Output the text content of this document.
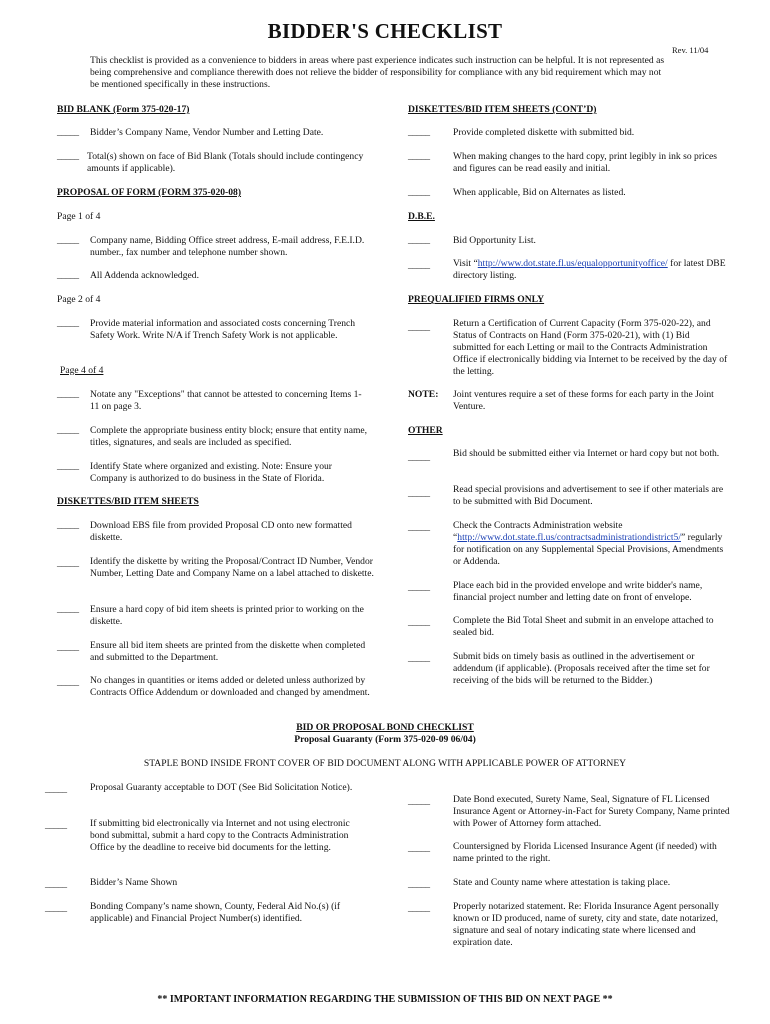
BIDDER'S CHECKLIST
Rev. 11/04
This checklist is provided as a convenience to bidders in areas where past experience indicates such instruction can be helpful. It is not represented as being comprehensive and compliance therewith does not relieve the bidder of responsibility for compliance with any bid requirement which may not be mentioned specifically in these instructions.
BID BLANK (Form 375-020-17)
_____ Bidder’s Company Name, Vendor Number and Letting Date.
_____ Total(s) shown on face of Bid Blank (Totals should include contingency amounts if applicable).
PROPOSAL OF FORM (FORM 375-020-08)
Page 1 of 4
_____ Company name, Bidding Office street address, E-mail address, F.E.I.D. number., fax number and telephone number shown.
_____ All Addenda acknowledged.
Page 2 of 4
_____ Provide material information and associated costs concerning Trench Safety Work. Write N/A if Trench Safety Work is not applicable.
Page 4 of 4
_____ Notate any "Exceptions" that cannot be attested to concerning Items 1-11 on page 3.
_____ Complete the appropriate business entity block; ensure that entity name, titles, signatures, and seals are included as specified.
_____ Identify State where organized and existing. Note: Ensure your Company is authorized to do business in the State of Florida.
DISKETTES/BID ITEM SHEETS
_____ Download EBS file from provided Proposal CD onto new formatted diskette.
_____ Identify the diskette by writing the Proposal/Contract ID Number, Vendor Number, Letting Date and Company Name on a label attached to diskette.
_____ Ensure a hard copy of bid item sheets is printed prior to working on the diskette.
_____ Ensure all bid item sheets are printed from the diskette when completed and submitted to the Department.
_____ No changes in quantities or items added or deleted unless authorized by Contracts Office Addendum or downloaded and changed by amendment.
DISKETTES/BID ITEM SHEETS (CONT’D)
_____ Provide completed diskette with submitted bid.
_____ When making changes to the hard copy, print legibly in ink so prices and figures can be read easily and initial.
_____ When applicable, Bid on Alternates as listed.
D.B.E.
_____ Bid Opportunity List.
_____ Visit “http://www.dot.state.fl.us/equalopportunityoffice/ for latest DBE directory listing.
PREQUALIFIED FIRMS ONLY
_____ Return a Certification of Current Capacity (Form 375-020-22), and Status of Contracts on Hand (Form 375-020-21), with (1) Bid submitted for each Letting or mail to the Contracts Administration Office if electronically bidding via Internet to be received by the day of the letting.
NOTE: Joint ventures require a set of these forms for each party in the Joint Venture.
OTHER
_____ Bid should be submitted either via Internet or hard copy but not both.
_____ Read special provisions and advertisement to see if other materials are to be submitted with Bid Document.
_____ Check the Contracts Administration website “http://www.dot.state.fl.us/contractsadministrationdistrict5/” regularly for notification on any Supplemental Special Provisions, Amendments or Addenda.
_____ Place each bid in the provided envelope and write bidder's name, financial project number and letting date on front of envelope.
_____ Complete the Bid Total Sheet and submit in an envelope attached to sealed bid.
_____ Submit bids on timely basis as outlined in the advertisement or addendum (if applicable). (Proposals received after the time set for receiving of the bids will be returned to the Bidder.)
BID OR PROPOSAL BOND CHECKLIST
Proposal Guaranty (Form 375-020-09 06/04)
STAPLE BOND INSIDE FRONT COVER OF BID DOCUMENT ALONG WITH APPLICABLE POWER OF ATTORNEY
_____ Proposal Guaranty acceptable to DOT (See Bid Solicitation Notice).
_____ If submitting bid electronically via Internet and not using electronic bond submittal, submit a hard copy to the Contracts Administration Office by the deadline to receive bid documents for the letting.
_____ Bidder’s Name Shown
_____ Bonding Company’s name shown, County, Federal Aid No.(s) (if applicable) and Financial Project Number(s) identified.
_____ Date Bond executed, Surety Name, Seal, Signature of FL Licensed Insurance Agent or Attorney-in-Fact for Surety Company, Name printed with Power of Attorney form attached.
_____ Countersigned by Florida Licensed Insurance Agent (if needed) with name printed to the right.
_____ State and County name where attestation is taking place.
_____ Properly notarized statement. Re: Florida Insurance Agent personally known or ID produced, name of surety, city and state, date notarized, signature and seal of notary indicating state where licensed and expiration date.
** IMPORTANT INFORMATION REGARDING THE SUBMISSION OF THIS BID ON NEXT PAGE **
